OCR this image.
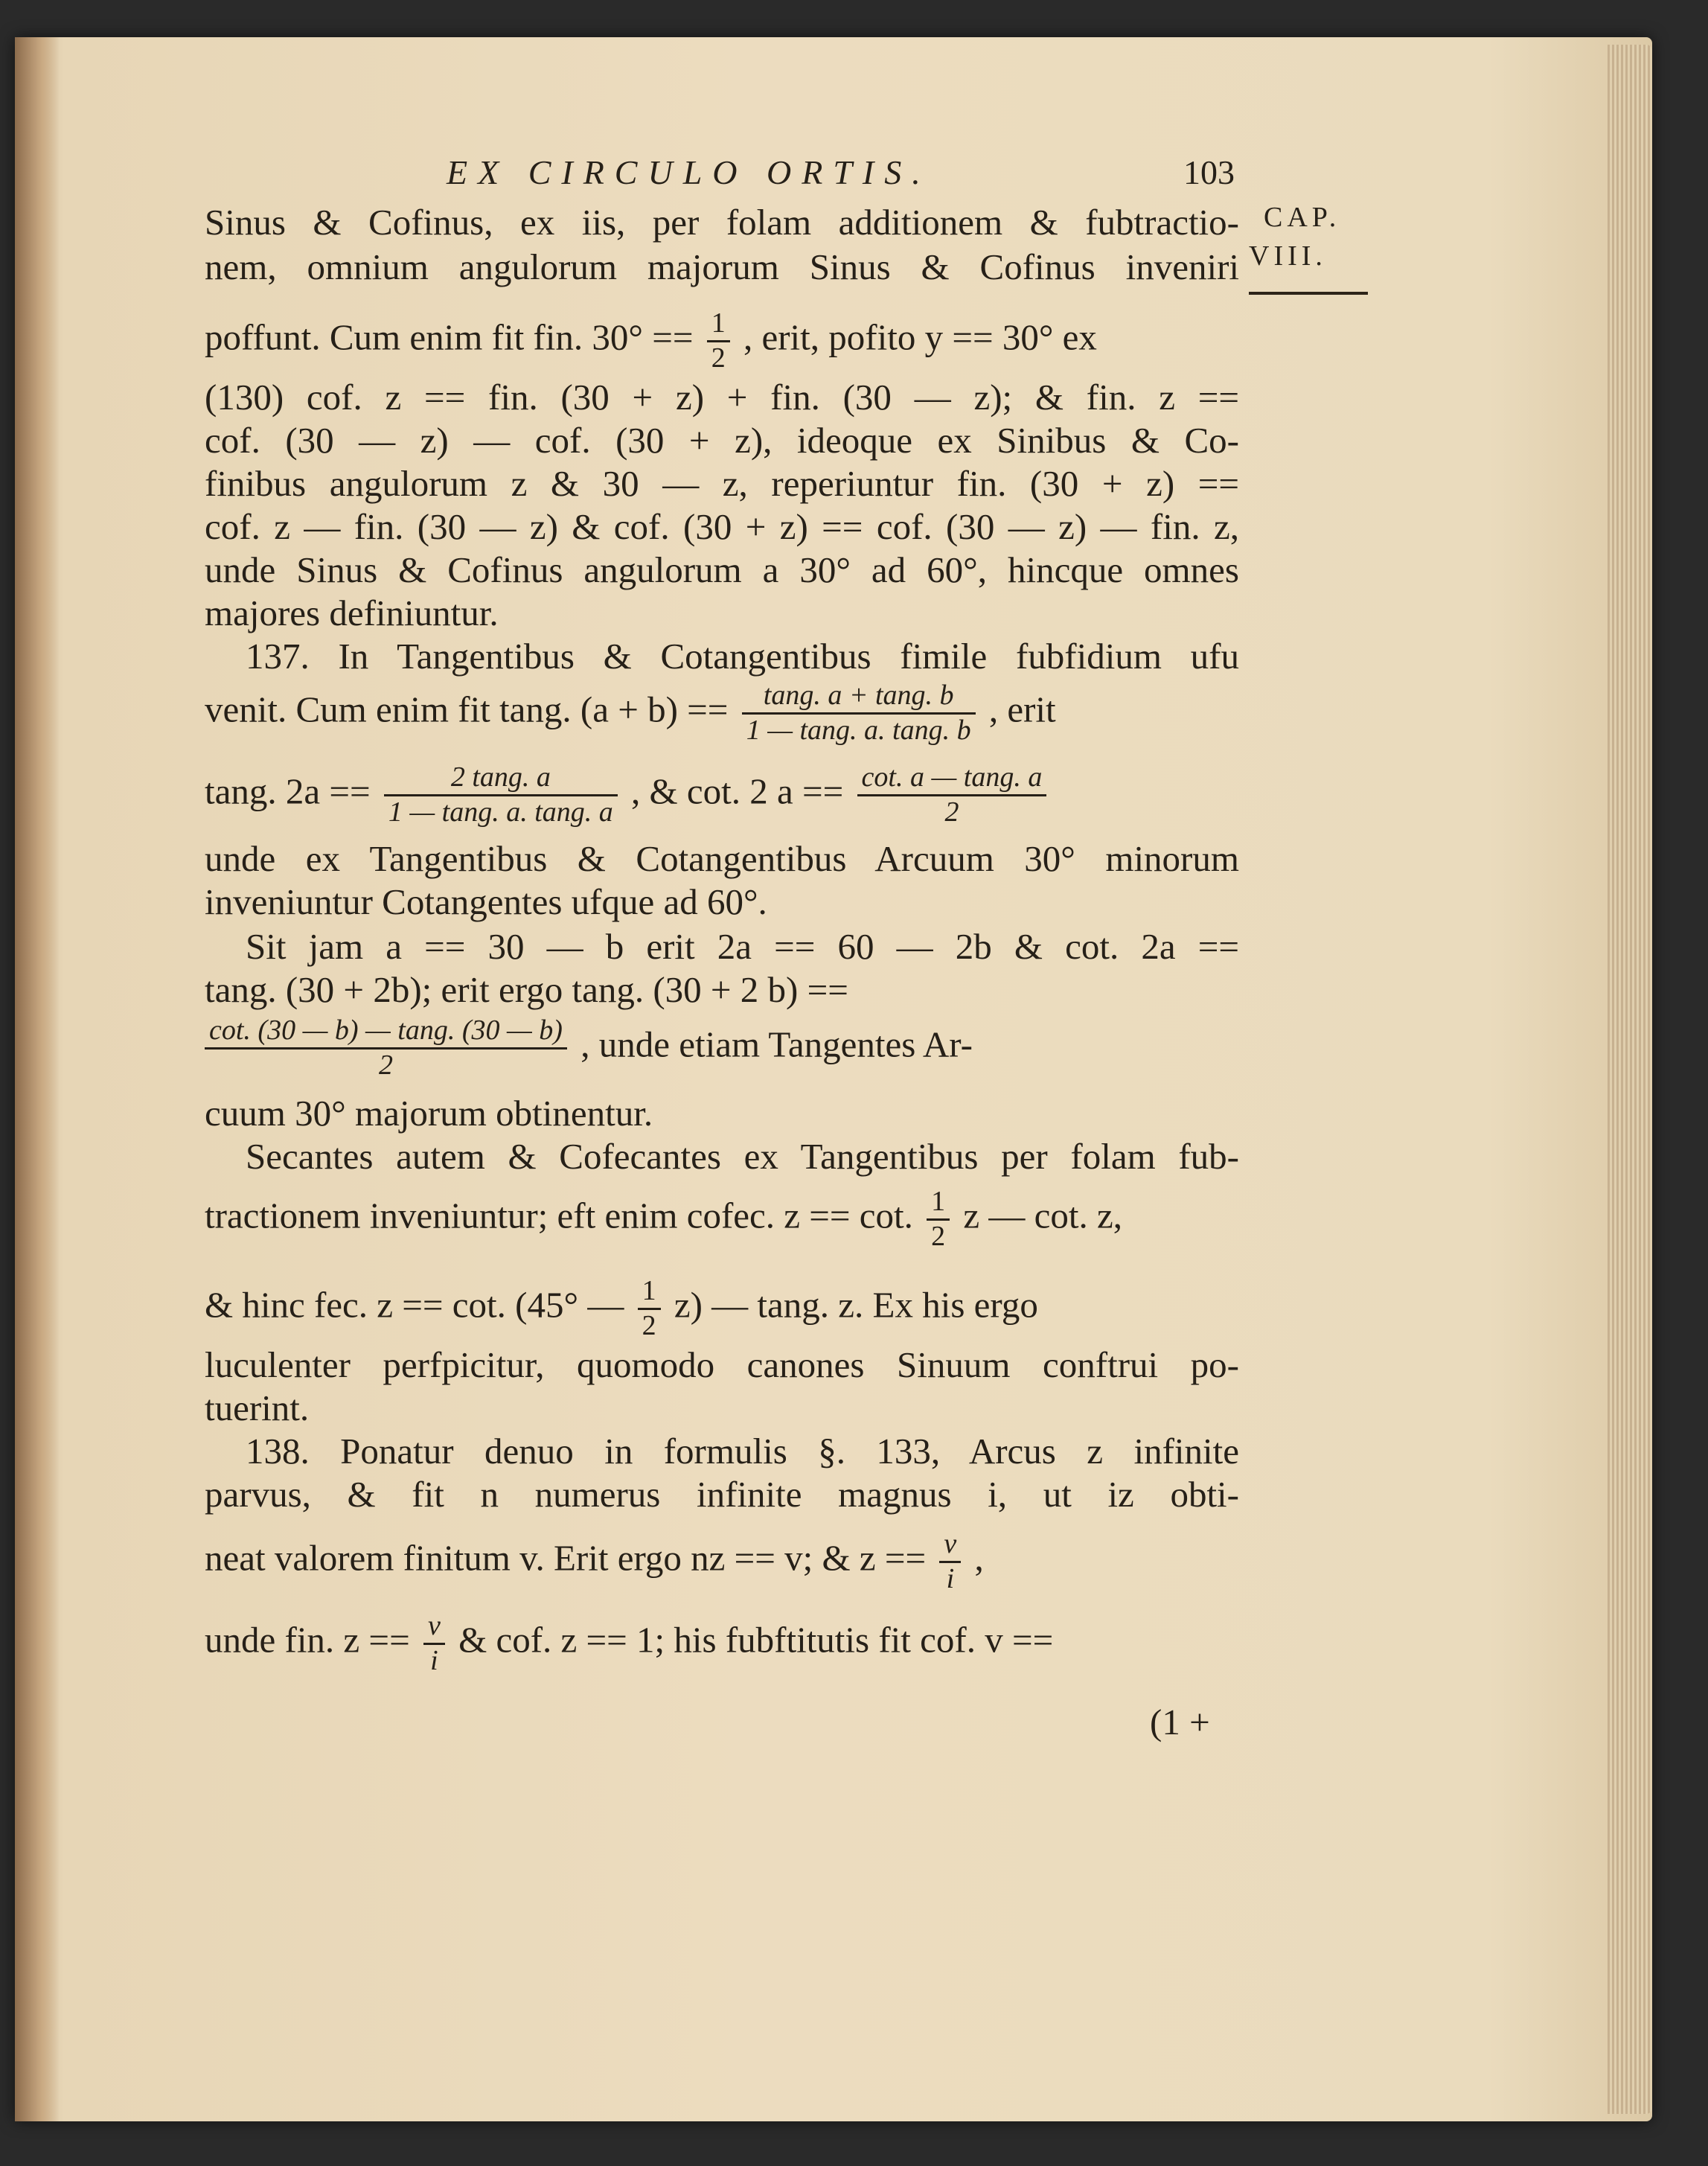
EX CIRCULO ORTIS.	103
CAP.
VIII.

Sinus & Cofinus, ex iis, per folam additionem & fubtractio-

nem, omnium angulorum majorum Sinus & Cofinus inveniri

poffunt. Cum enim fit fin. $30^\circ == \frac{1}{2}$ , erit, pofito y == 30° ex

(130) cof. z == fin. (30 + z) + fin. (30 — z); & fin. z ==

cof. (30 — z) — cof. (30 + z), ideoque ex Sinibus & Co-

finibus angulorum z & 30 — z, reperiuntur fin. (30 + z) ==

cof. z — fin. (30 — z) & cof. (30 + z) == cof. (30 — z) — fin. z,

unde Sinus & Cofinus angulorum a 30° ad 60°, hincque omnes

majores definiuntur.

137. In Tangentibus & Cotangentibus fimile fubfidium ufu

venit. Cum enim fit tang. $(a + b) == \frac{\tan g. a + \tan g. b}{1 — \tan g. a. \tan g. b}$ , erit

tang. $2a == \frac{2 \tan g. a}{1 — \tan g. a. \tan g. a}$ , & cot. 2 $a == \frac{\cot. a — \tan g. a}{2}$

unde ex Tangentibus & Cotangentibus Arcuum 30° minorum

inveniuntur Cotangentes ufque ad 60°.

Sit jam a == 30 — b erit 2a == 60 — 2b & cot. 2a ==

tang. (30 + 2b); erit ergo tang. (30 + 2 b) ==

$\frac{\cot. (30 — b) — \tan g. (30 — b)}{2}$ , unde etiam Tangentes Ar-

cuum 30° majorum obtinentur.

Secantes autem & Cofecantes ex Tangentibus per folam fub-

tractionem inveniuntur; eft enim cofec. z == cot. $\frac{1}{2}$ z — cot. z,

& hinc fec. z == cot. (45° — $\frac{1}{2} z$) — tang. z. Ex his ergo

luculenter perfpicitur, quomodo canones Sinuum conftrui po-

tuerint.

138. Ponatur denuo in formulis §. 133, Arcus z infinite

parvus, & fit n numerus infinite magnus i, ut iz obti-

neat valorem finitum v. Erit ergo nz == v; & $z == \frac{v}{i}$ ,

unde fin. $z == \frac{v}{i}$ & cof. z == 1; his fubftitutis fit cof. v ==

(1 +
